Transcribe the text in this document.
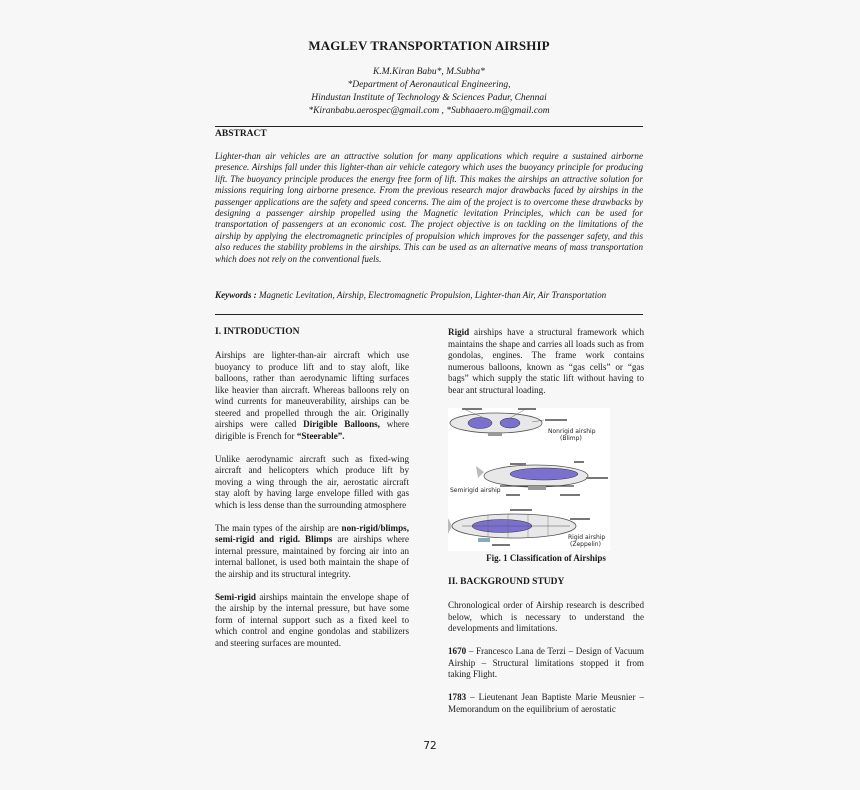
MAGLEV TRANSPORTATION AIRSHIP
K.M.Kiran Babu*, M.Subha*
*Department of Aeronautical Engineering,
Hindustan Institute of Technology & Sciences Padur, Chennai
*Kiranbabu.aerospec@gmail.com , *Subhaaero.m@gmail.com
ABSTRACT
Lighter-than air vehicles are an attractive solution for many applications which require a sustained airborne presence. Airships fall under this lighter-than air vehicle category which uses the buoyancy principle for producing lift. The buoyancy principle produces the energy free form of lift. This makes the airships an attractive solution for missions requiring long airborne presence. From the previous research major drawbacks faced by airships in the passenger applications are the safety and speed concerns. The aim of the project is to overcome these drawbacks by designing a passenger airship propelled using the Magnetic levitation Principles, which can be used for transportation of passengers at an economic cost. The project objective is on tackling on the limitations of the airship by applying the electromagnetic principles of propulsion which improves for the passenger safety, and this also reduces the stability problems in the airships. This can be used as an alternative means of mass transportation which does not rely on the conventional fuels.
Keywords : Magnetic Levitation, Airship, Electromagnetic Propulsion, Lighter-than Air, Air Transportation
I. INTRODUCTION

Airships are lighter-than-air aircraft which use buoyancy to produce lift and to stay aloft, like balloons, rather than aerodynamic lifting surfaces like heavier than aircraft. Whereas balloons rely on wind currents for maneuverability, airships can be steered and propelled through the air. Originally airships were called Dirigible Balloons, where dirigible is French for “Steerable”.

Unlike aerodynamic aircraft such as fixed-wing aircraft and helicopters which produce lift by moving a wing through the air, aerostatic aircraft stay aloft by having large envelope filled with gas which is less dense than the surrounding atmosphere

The main types of the airship are non-rigid/blimps, semi-rigid and rigid. Blimps are airships where internal pressure, maintained by forcing air into an internal ballonet, is used both maintain the shape of the airship and its structural integrity.

Semi-rigid airships maintain the envelope shape of the airship by the internal pressure, but have some form of internal support such as a fixed keel to which control and engine gondolas and stabilizers and steering surfaces are mounted.

Rigid airships have a structural framework which maintains the shape and carries all loads such as from gondolas, engines. The frame work contains numerous balloons, known as “gas cells” or “gas bags” which supply the static lift without having to bear ant structural loading.

Nonrigid airship
(Blimp)
Semirigid airship
Rigid airship
(Zeppelin)
Fig. 1 Classification of Airships
II. BACKGROUND STUDY

Chronological order of Airship research is described below, which is necessary to understand the developments and limitations.

1670 – Francesco Lana de Terzi – Design of Vacuum Airship – Structural limitations stopped it from taking Flight.

1783 – Lieutenant Jean Baptiste Marie Meusnier – Memorandum on the equilibrium of aerostatic

72
